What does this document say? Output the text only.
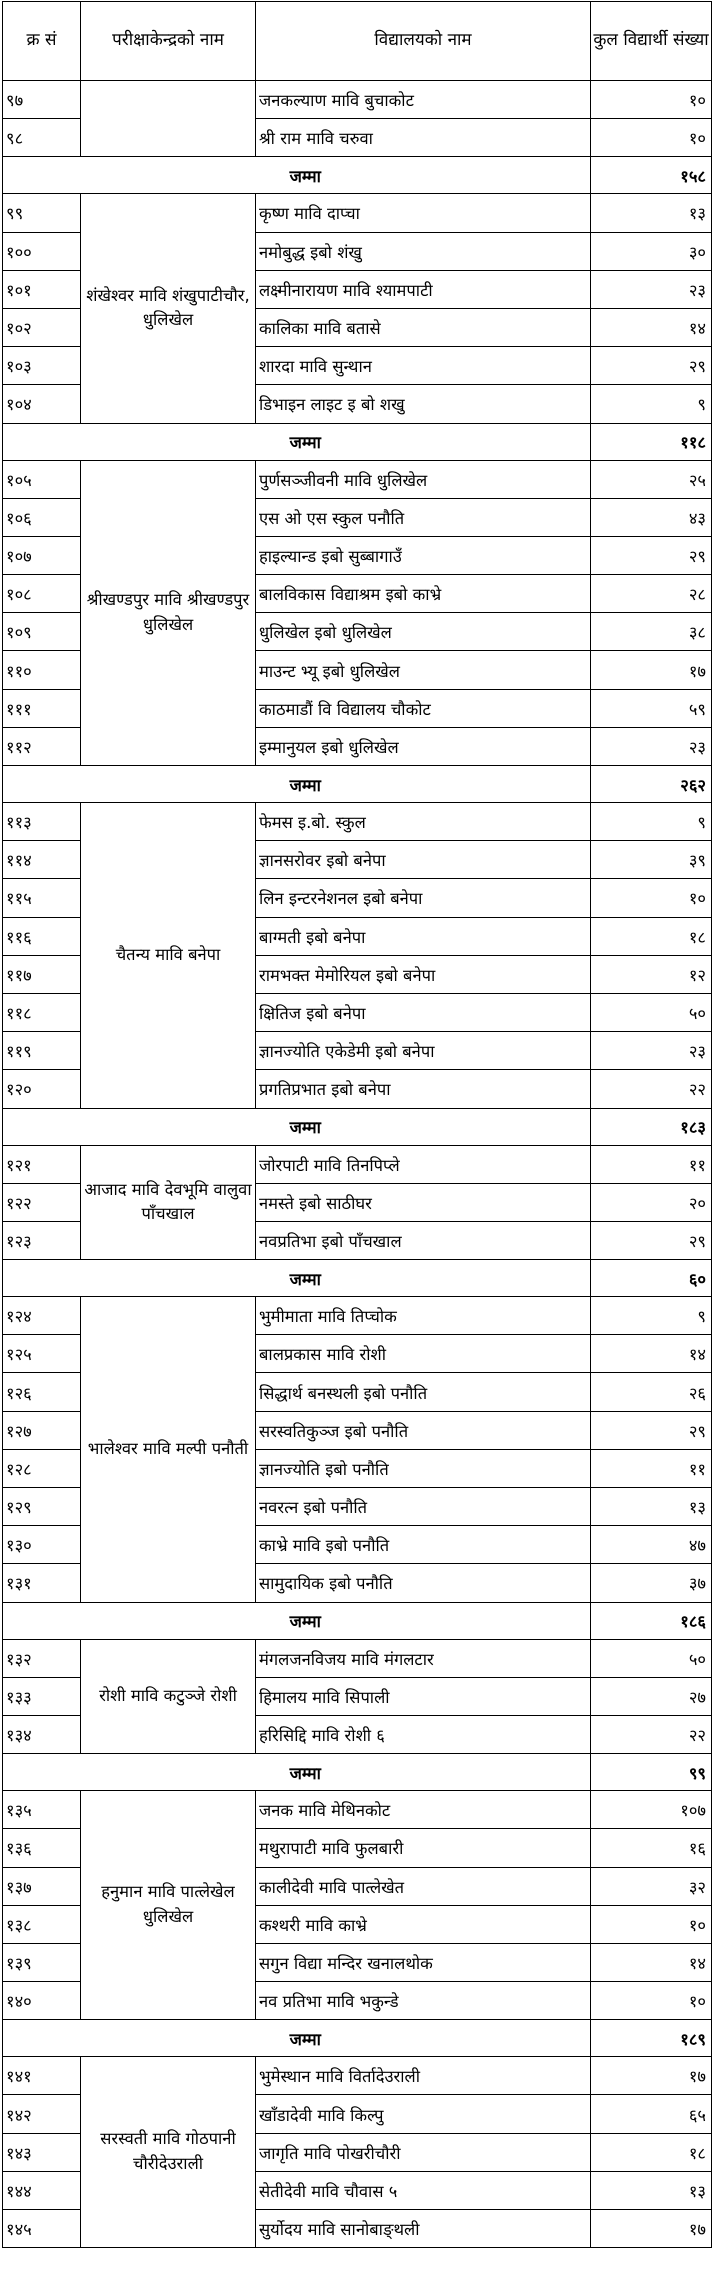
क्र सं	परीक्षाकेन्द्रको नाम	विद्यालयको नाम	कुल विद्यार्थी संख्या
९७		जनकल्याण मावि बुचाकोट	१०
९८		श्री राम मावि चरुवा	१०
	जम्मा		१५८
९९	शंखेश्वर मावि शंखुपाटीचौर, धुलिखेल	कृष्ण मावि दाप्चा	१३
१००		नमोबुद्ध इबो शंखु	३०
१०१		लक्ष्मीनारायण मावि श्यामपाटी	२३
१०२		कालिका मावि बतासे	१४
१०३		शारदा मावि सुन्थान	२९
१०४		डिभाइन लाइट इ बो शखु	९
	जम्मा		११८
१०५	श्रीखण्डपुर मावि श्रीखण्डपुर धुलिखेल	पुर्णसञ्जीवनी मावि धुलिखेल	२५
१०६		एस ओ एस स्कुल पनौति	४३
१०७		हाइल्यान्ड इबो सुब्बागाउँ	२९
१०८		बालविकास विद्याश्रम इबो काभ्रे	२८
१०९		धुलिखेल इबो धुलिखेल	३८
११०		माउन्ट भ्यू इबो धुलिखेल	१७
१११		काठमाडौं वि विद्यालय चौकोट	५९
११२		इम्मानुयल इबो धुलिखेल	२३
	जम्मा		२६२
११३	चैतन्य मावि बनेपा	फेमस इ.बो. स्कुल	९
११४		ज्ञानसरोवर इबो बनेपा	३९
११५		लिन इन्टरनेशनल इबो बनेपा	१०
११६		बाग्मती इबो बनेपा	१८
११७		रामभक्त मेमोरियल इबो बनेपा	१२
११८		क्षितिज इबो बनेपा	५०
११९		ज्ञानज्योति एकेडेमी इबो बनेपा	२३
१२०		प्रगतिप्रभात इबो बनेपा	२२
	जम्मा		१८३
१२१	आजाद मावि देवभूमि वालुवा पाँचखाल	जोरपाटी मावि तिनपिप्ले	११
१२२		नमस्ते इबो साठीघर	२०
१२३		नवप्रतिभा इबो पाँचखाल	२९
	जम्मा		६०
१२४	भालेश्वर मावि मल्पी पनौती	भुमीमाता मावि तिप्चोक	९
१२५		बालप्रकास मावि रोशी	१४
१२६		सिद्धार्थ बनस्थली इबो पनौति	२६
१२७		सरस्वतिकुञ्ज इबो पनौति	२९
१२८		ज्ञानज्योति इबो पनौति	११
१२९		नवरत्न इबो पनौति	१३
१३०		काभ्रे मावि इबो पनौति	४७
१३१		सामुदायिक इबो पनौति	३७
	जम्मा		१८६
१३२	रोशी मावि कटुञ्जे रोशी	मंगलजनविजय मावि मंगलटार	५०
१३३		हिमालय मावि सिपाली	२७
१३४		हरिसिद्दि मावि रोशी ६	२२
	जम्मा		९९
१३५	हनुमान मावि पात्लेखेल धुलिखेल	जनक मावि मेथिनकोट	१०७
१३६		मथुरापाटी मावि फुलबारी	१६
१३७		कालीदेवी मावि पात्लेखेत	३२
१३८		कश्थरी मावि काभ्रे	१०
१३९		सगुन विद्या मन्दिर खनालथोक	१४
१४०		नव प्रतिभा मावि भकुन्डे	१०
	जम्मा		१८९
१४१	सरस्वती मावि गोठपानी चौरीदेउराली	भुमेस्थान मावि विर्तादेउराली	१७
१४२		खाँडादेवी मावि किल्पु	६५
१४३		जागृति मावि पोखरीचौरी	१८
१४४		सेतीदेवी मावि चौवास ५	१३
१४५		सुर्योदय मावि सानोबाङ्थली	१७
